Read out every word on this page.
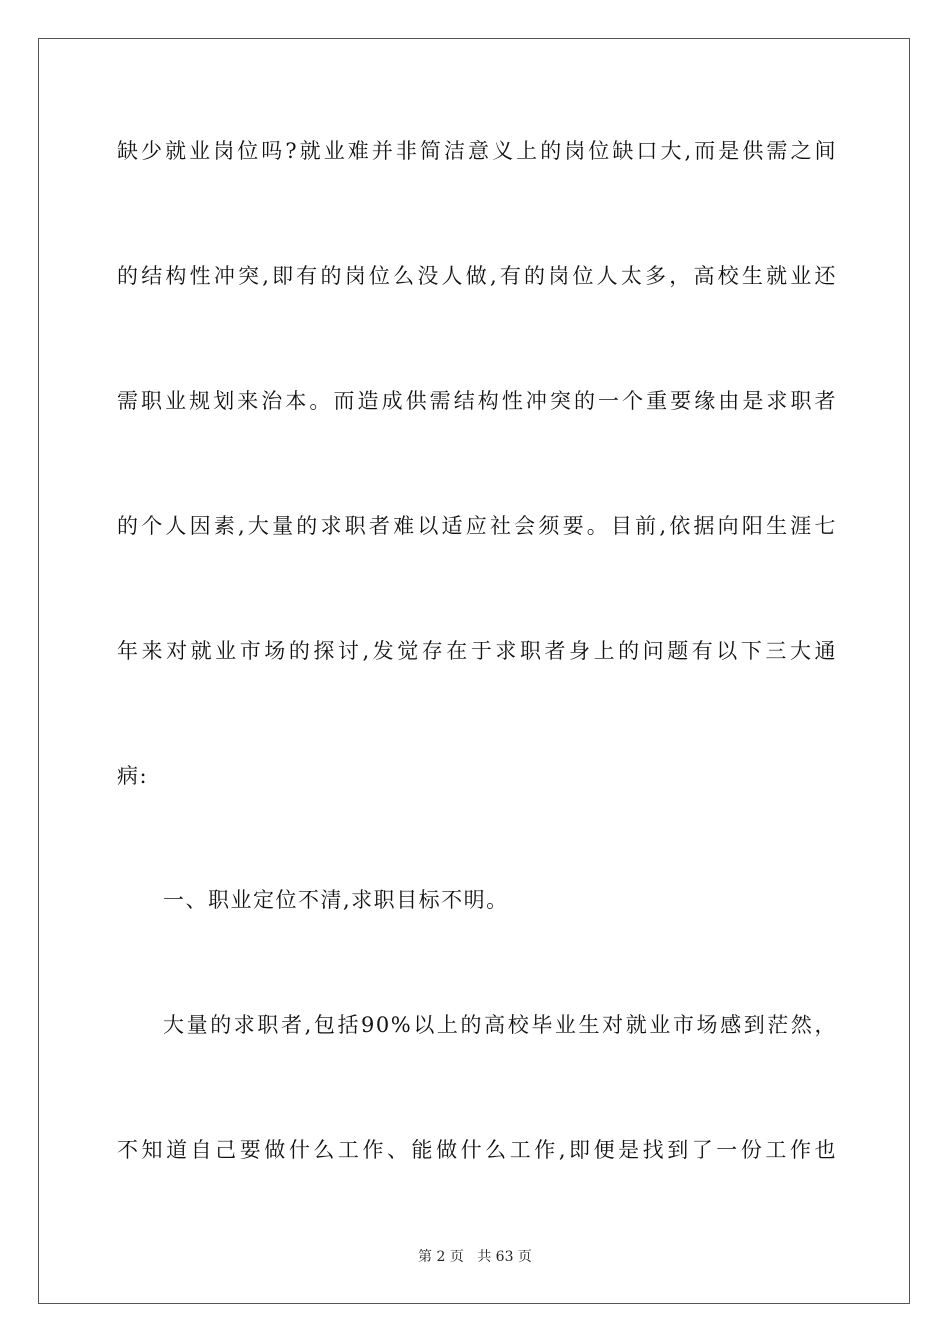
缺少就业岗位吗?就业难并非简洁意义上的岗位缺口大,而是供需之间
的结构性冲突,即有的岗位么没人做,有的岗位人太多，高校生就业还
需职业规划来治本。而造成供需结构性冲突的一个重要缘由是求职者
的个人因素,大量的求职者难以适应社会须要。目前,依据向阳生涯七
年来对就业市场的探讨,发觉存在于求职者身上的问题有以下三大通
病:
一、职业定位不清,求职目标不明。
大量的求职者,包括90%以上的高校毕业生对就业市场感到茫然，
不知道自己要做什么工作、能做什么工作,即便是找到了一份工作也
第 2 页 共 63 页
